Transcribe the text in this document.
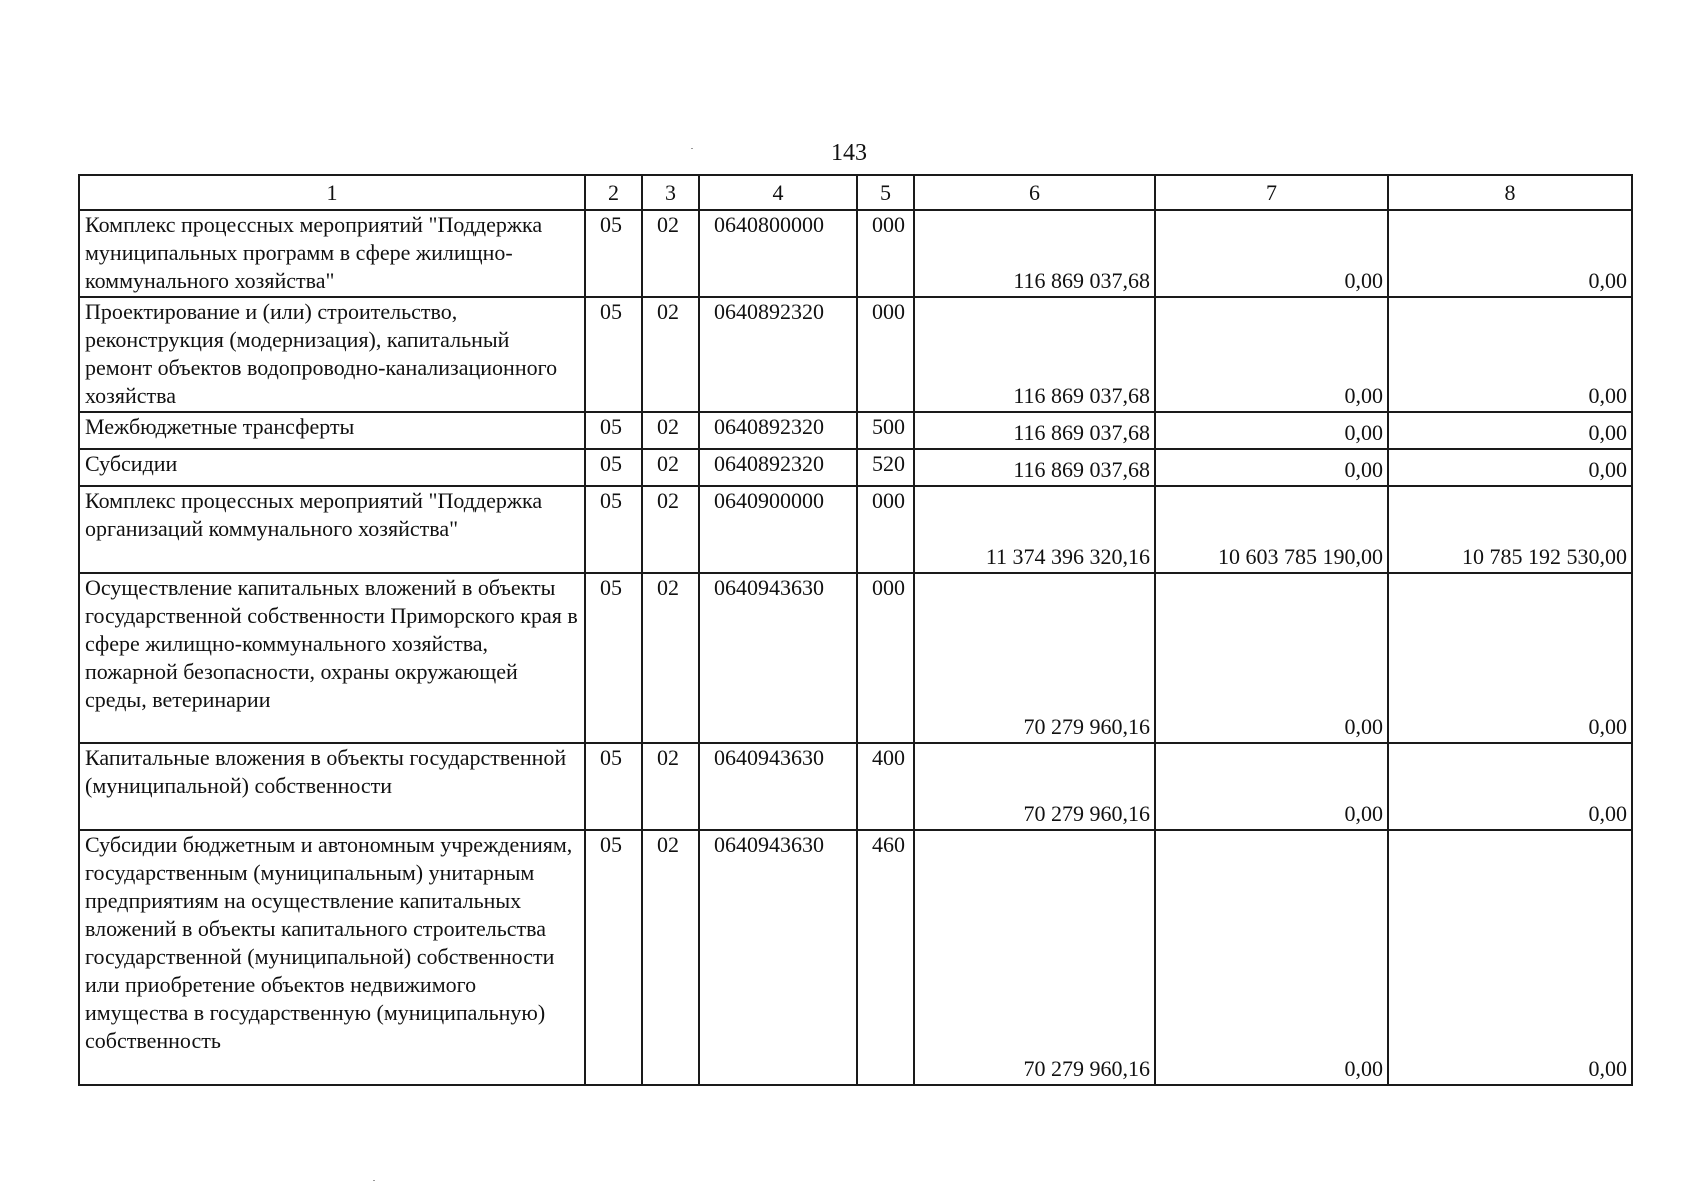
143
1	2	3	4	5	6	7	8
Комплекс процессных мероприятий "Поддержка муниципальных программ в сфере жилищно-коммунального хозяйства"	05	02	0640800000	000	116 869 037,68	0,00	0,00
Проектирование и (или) строительство, реконструкция (модернизация), капитальный ремонт объектов водопроводно-канализационного хозяйства	05	02	0640892320	000	116 869 037,68	0,00	0,00
Межбюджетные трансферты	05	02	0640892320	500	116 869 037,68	0,00	0,00
Субсидии	05	02	0640892320	520	116 869 037,68	0,00	0,00
Комплекс процессных мероприятий "Поддержка организаций коммунального хозяйства"	05	02	0640900000	000	11 374 396 320,16	10 603 785 190,00	10 785 192 530,00
Осуществление капитальных вложений в объекты государственной собственности Приморского края в сфере жилищно-коммунального хозяйства, пожарной безопасности, охраны окружающей среды, ветеринарии	05	02	0640943630	000	70 279 960,16	0,00	0,00
Капитальные вложения в объекты государственной (муниципальной) собственности	05	02	0640943630	400	70 279 960,16	0,00	0,00
Субсидии бюджетным и автономным учреждениям, государственным (муниципальным) унитарным предприятиям на осуществление капитальных вложений в объекты капитального строительства государственной (муниципальной) собственности или приобретение объектов недвижимого имущества в государственную (муниципальную) собственность	05	02	0640943630	460	70 279 960,16	0,00	0,00
